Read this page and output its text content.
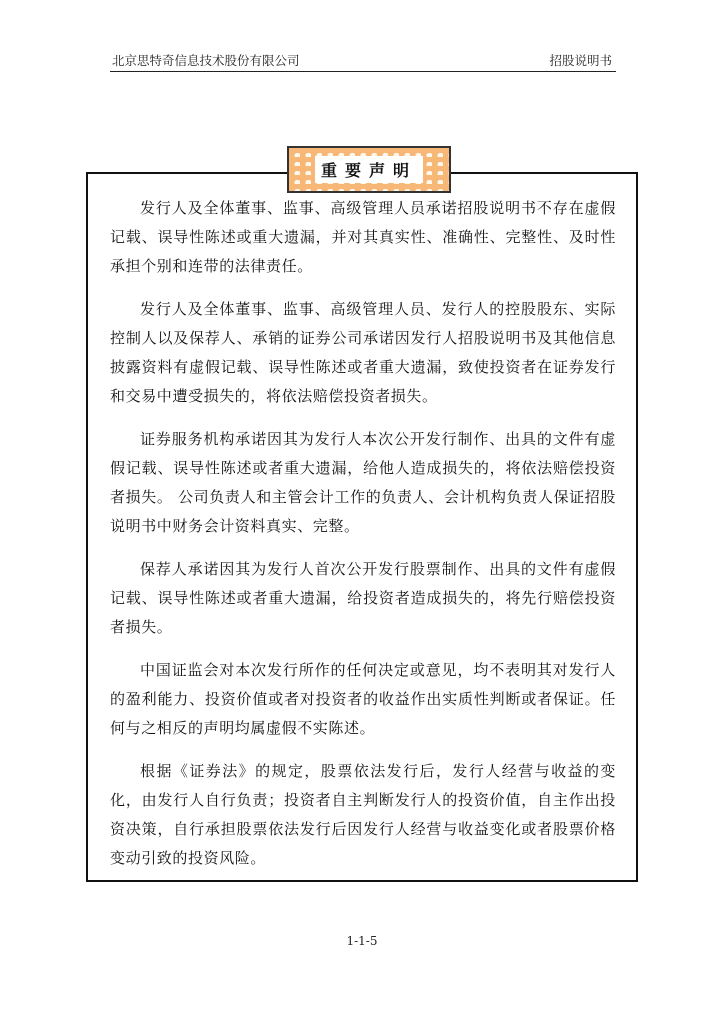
北京思特奇信息技术股份有限公司	招股说明书
重要声明

发行人及全体董事、监事、高级管理人员承诺招股说明书不存在虚假记载、误导性陈述或重大遗漏，并对其真实性、准确性、完整性、及时性承担个别和连带的法律责任。

发行人及全体董事、监事、高级管理人员、发行人的控股股东、实际控制人以及保荐人、承销的证券公司承诺因发行人招股说明书及其他信息披露资料有虚假记载、误导性陈述或者重大遗漏，致使投资者在证券发行和交易中遭受损失的，将依法赔偿投资者损失。

证券服务机构承诺因其为发行人本次公开发行制作、出具的文件有虚假记载、误导性陈述或者重大遗漏，给他人造成损失的，将依法赔偿投资者损失。 公司负责人和主管会计工作的负责人、会计机构负责人保证招股说明书中财务会计资料真实、完整。

保荐人承诺因其为发行人首次公开发行股票制作、出具的文件有虚假记载、误导性陈述或者重大遗漏，给投资者造成损失的，将先行赔偿投资者损失。

中国证监会对本次发行所作的任何决定或意见，均不表明其对发行人的盈利能力、投资价值或者对投资者的收益作出实质性判断或者保证。任何与之相反的声明均属虚假不实陈述。

根据《证券法》的规定，股票依法发行后，发行人经营与收益的变化，由发行人自行负责；投资者自主判断发行人的投资价值，自主作出投资决策，自行承担股票依法发行后因发行人经营与收益变化或者股票价格变动引致的投资风险。

1-1-5
